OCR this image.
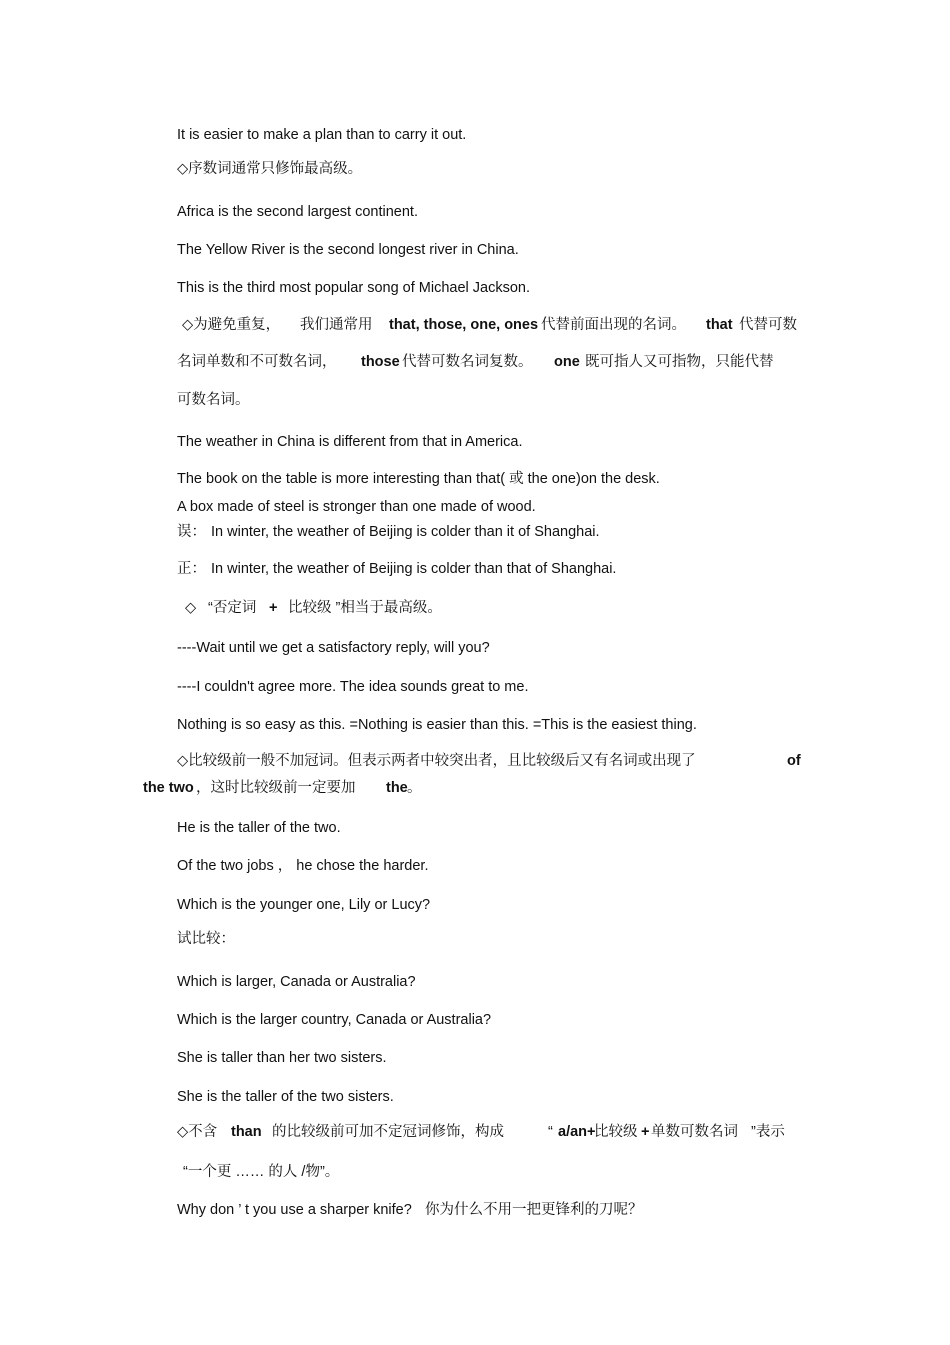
It is easier to make a plan than to carry it out.
◇序数词通常只修饰最高级。
Africa is the second largest continent.
The Yellow River is the second longest river in China.
This is the third most popular song of Michael Jackson.
◇为避免重复， 我们通常用 that, those, one, ones 代替前面出现的名词。 that 代替可数
名词单数和不可数名词， those 代替可数名词复数。 one 既可指人又可指物，只能代替
可数名词。
The weather in China is different from that in America.
The book on the table is more interesting than that( 或 the one)on the desk.
A box made of steel is stronger than one made of wood.
误： In winter, the weather of Beijing is colder than it of Shanghai.
正： In winter, the weather of Beijing is colder than that of Shanghai.
◇ “否定词 + 比较级 ”相当于最高级。
----Wait until we get a satisfactory reply, will you?
----I couldn't agree more. The idea sounds great to me.
Nothing is so easy as this. =Nothing is easier than this. =This is the easiest thing.
◇比较级前一般不加冠词。但表示两者中较突出者，且比较级后又有名词或出现了	of
the two ，这时比较级前一定要加 the 。
He is the taller of the two.
Of the two jobs ， he chose the harder.
Which is the younger one, Lily or Lucy?
试比较：
Which is larger, Canada or Australia?
Which is the larger country, Canada or Australia?
She is taller than her two sisters.
She is the taller of the two sisters.
◇不含 than 的比较级前可加不定冠词修饰，构成	“ a/an+
比较级 + 单数可数名词 ”表示
“一个更 …… 的人 /物”。
Why don ’ t you use a sharper knife? 你为什么不用一把更锋利的刀呢？
